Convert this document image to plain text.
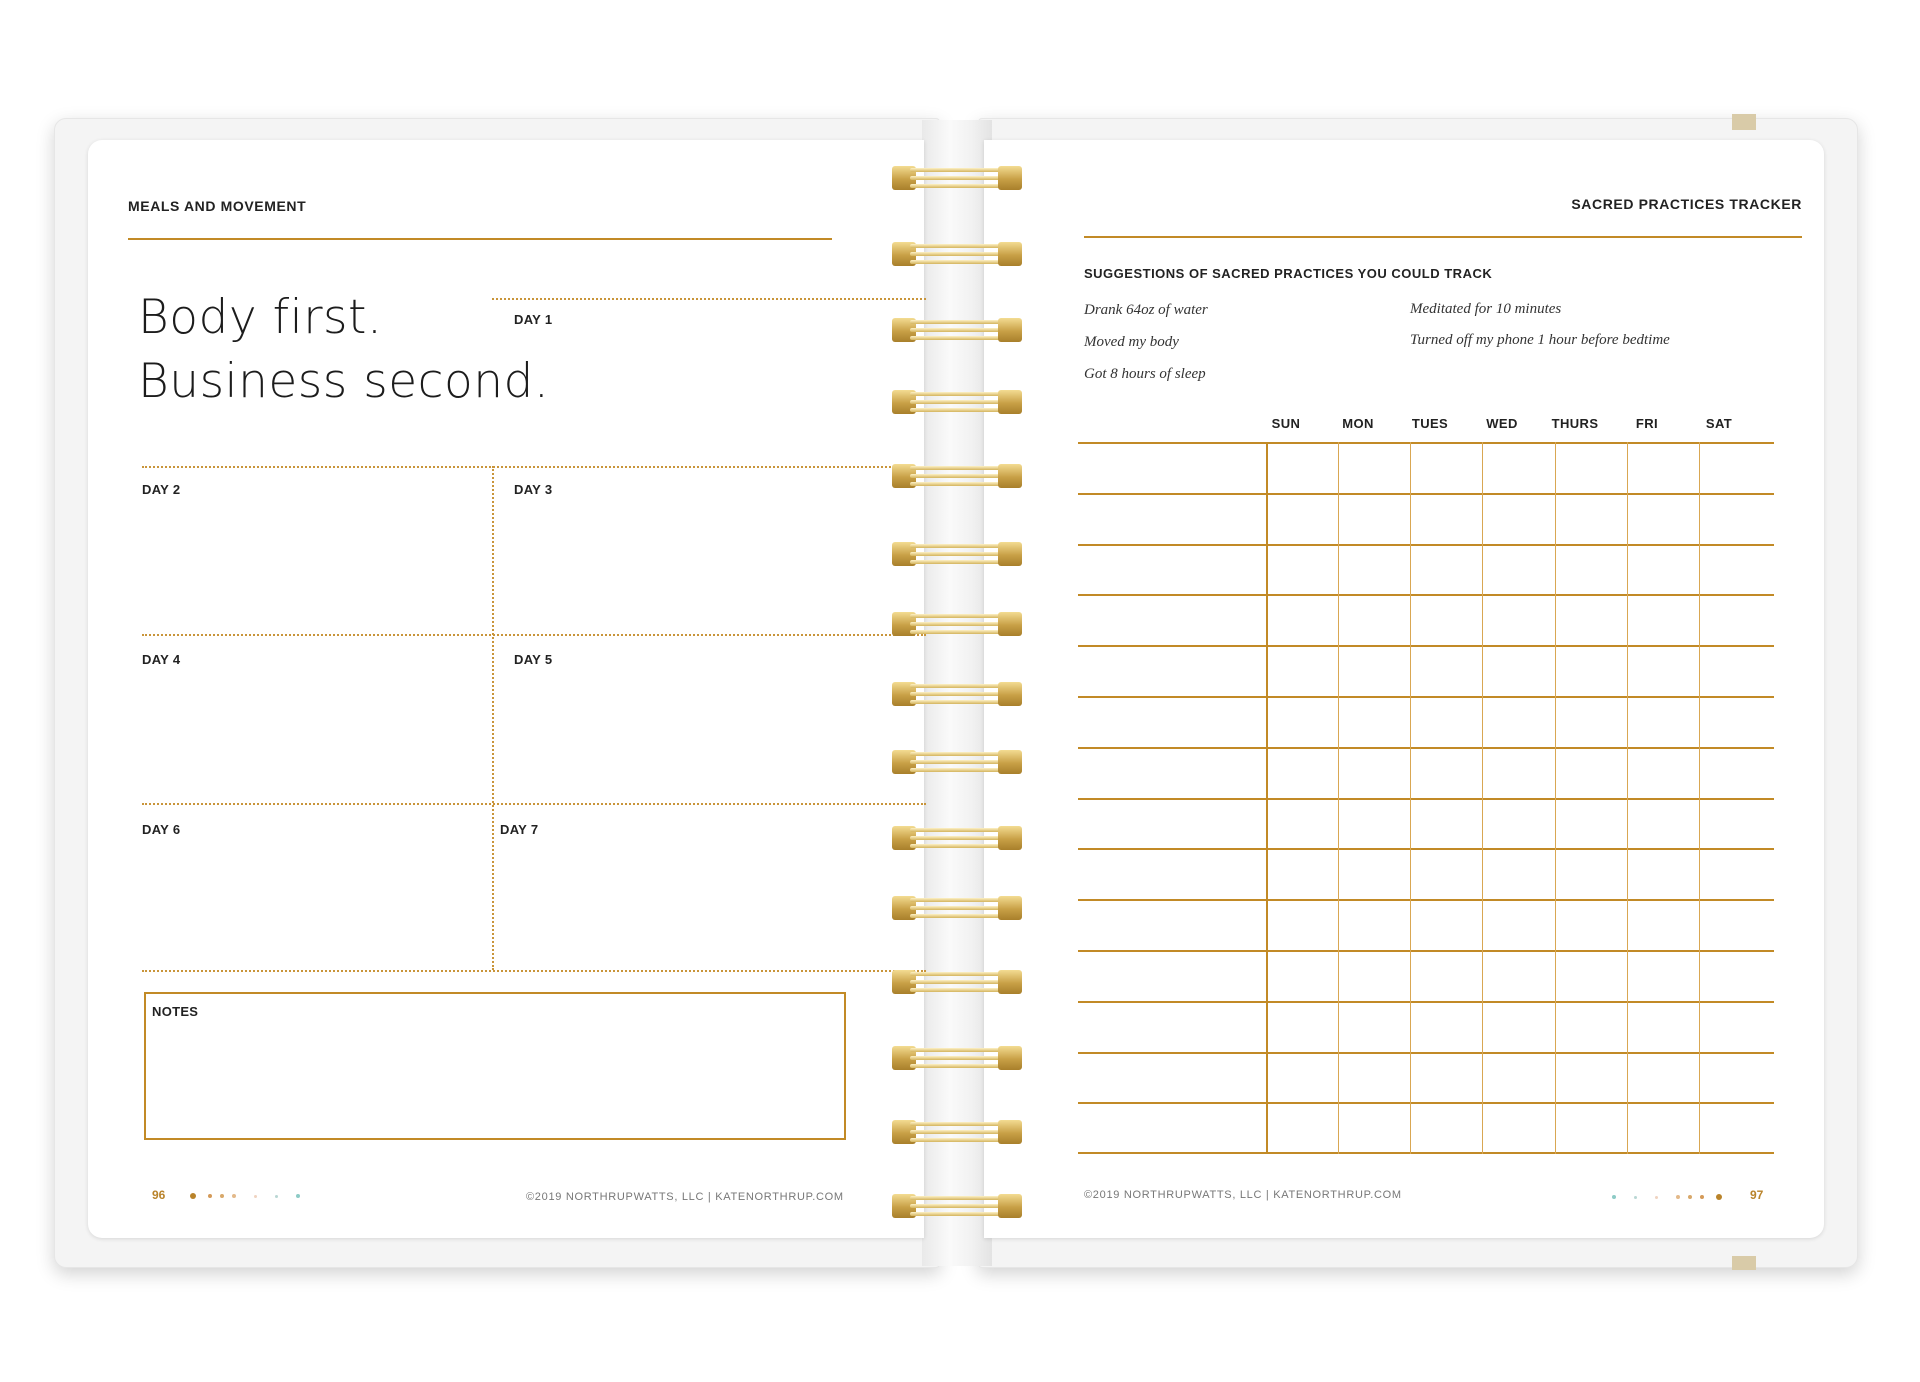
MEALS AND MOVEMENT
Body first.
Business second.
DAY 1
DAY 2	DAY 3
DAY 4	DAY 5
DAY 6	DAY 7
NOTES
96	©2019 NORTHRUPWATTS, LLC | KATENORTHRUP.COM
SACRED PRACTICES TRACKER
SUGGESTIONS OF SACRED PRACTICES YOU COULD TRACK
Drank 64oz of water
Moved my body
Got 8 hours of sleep
Meditated for 10 minutes
Turned off my phone 1 hour before bedtime
SUN	MON	TUES	WED	THURS	FRI	SAT
©2019 NORTHRUPWATTS, LLC | KATENORTHRUP.COM	97
